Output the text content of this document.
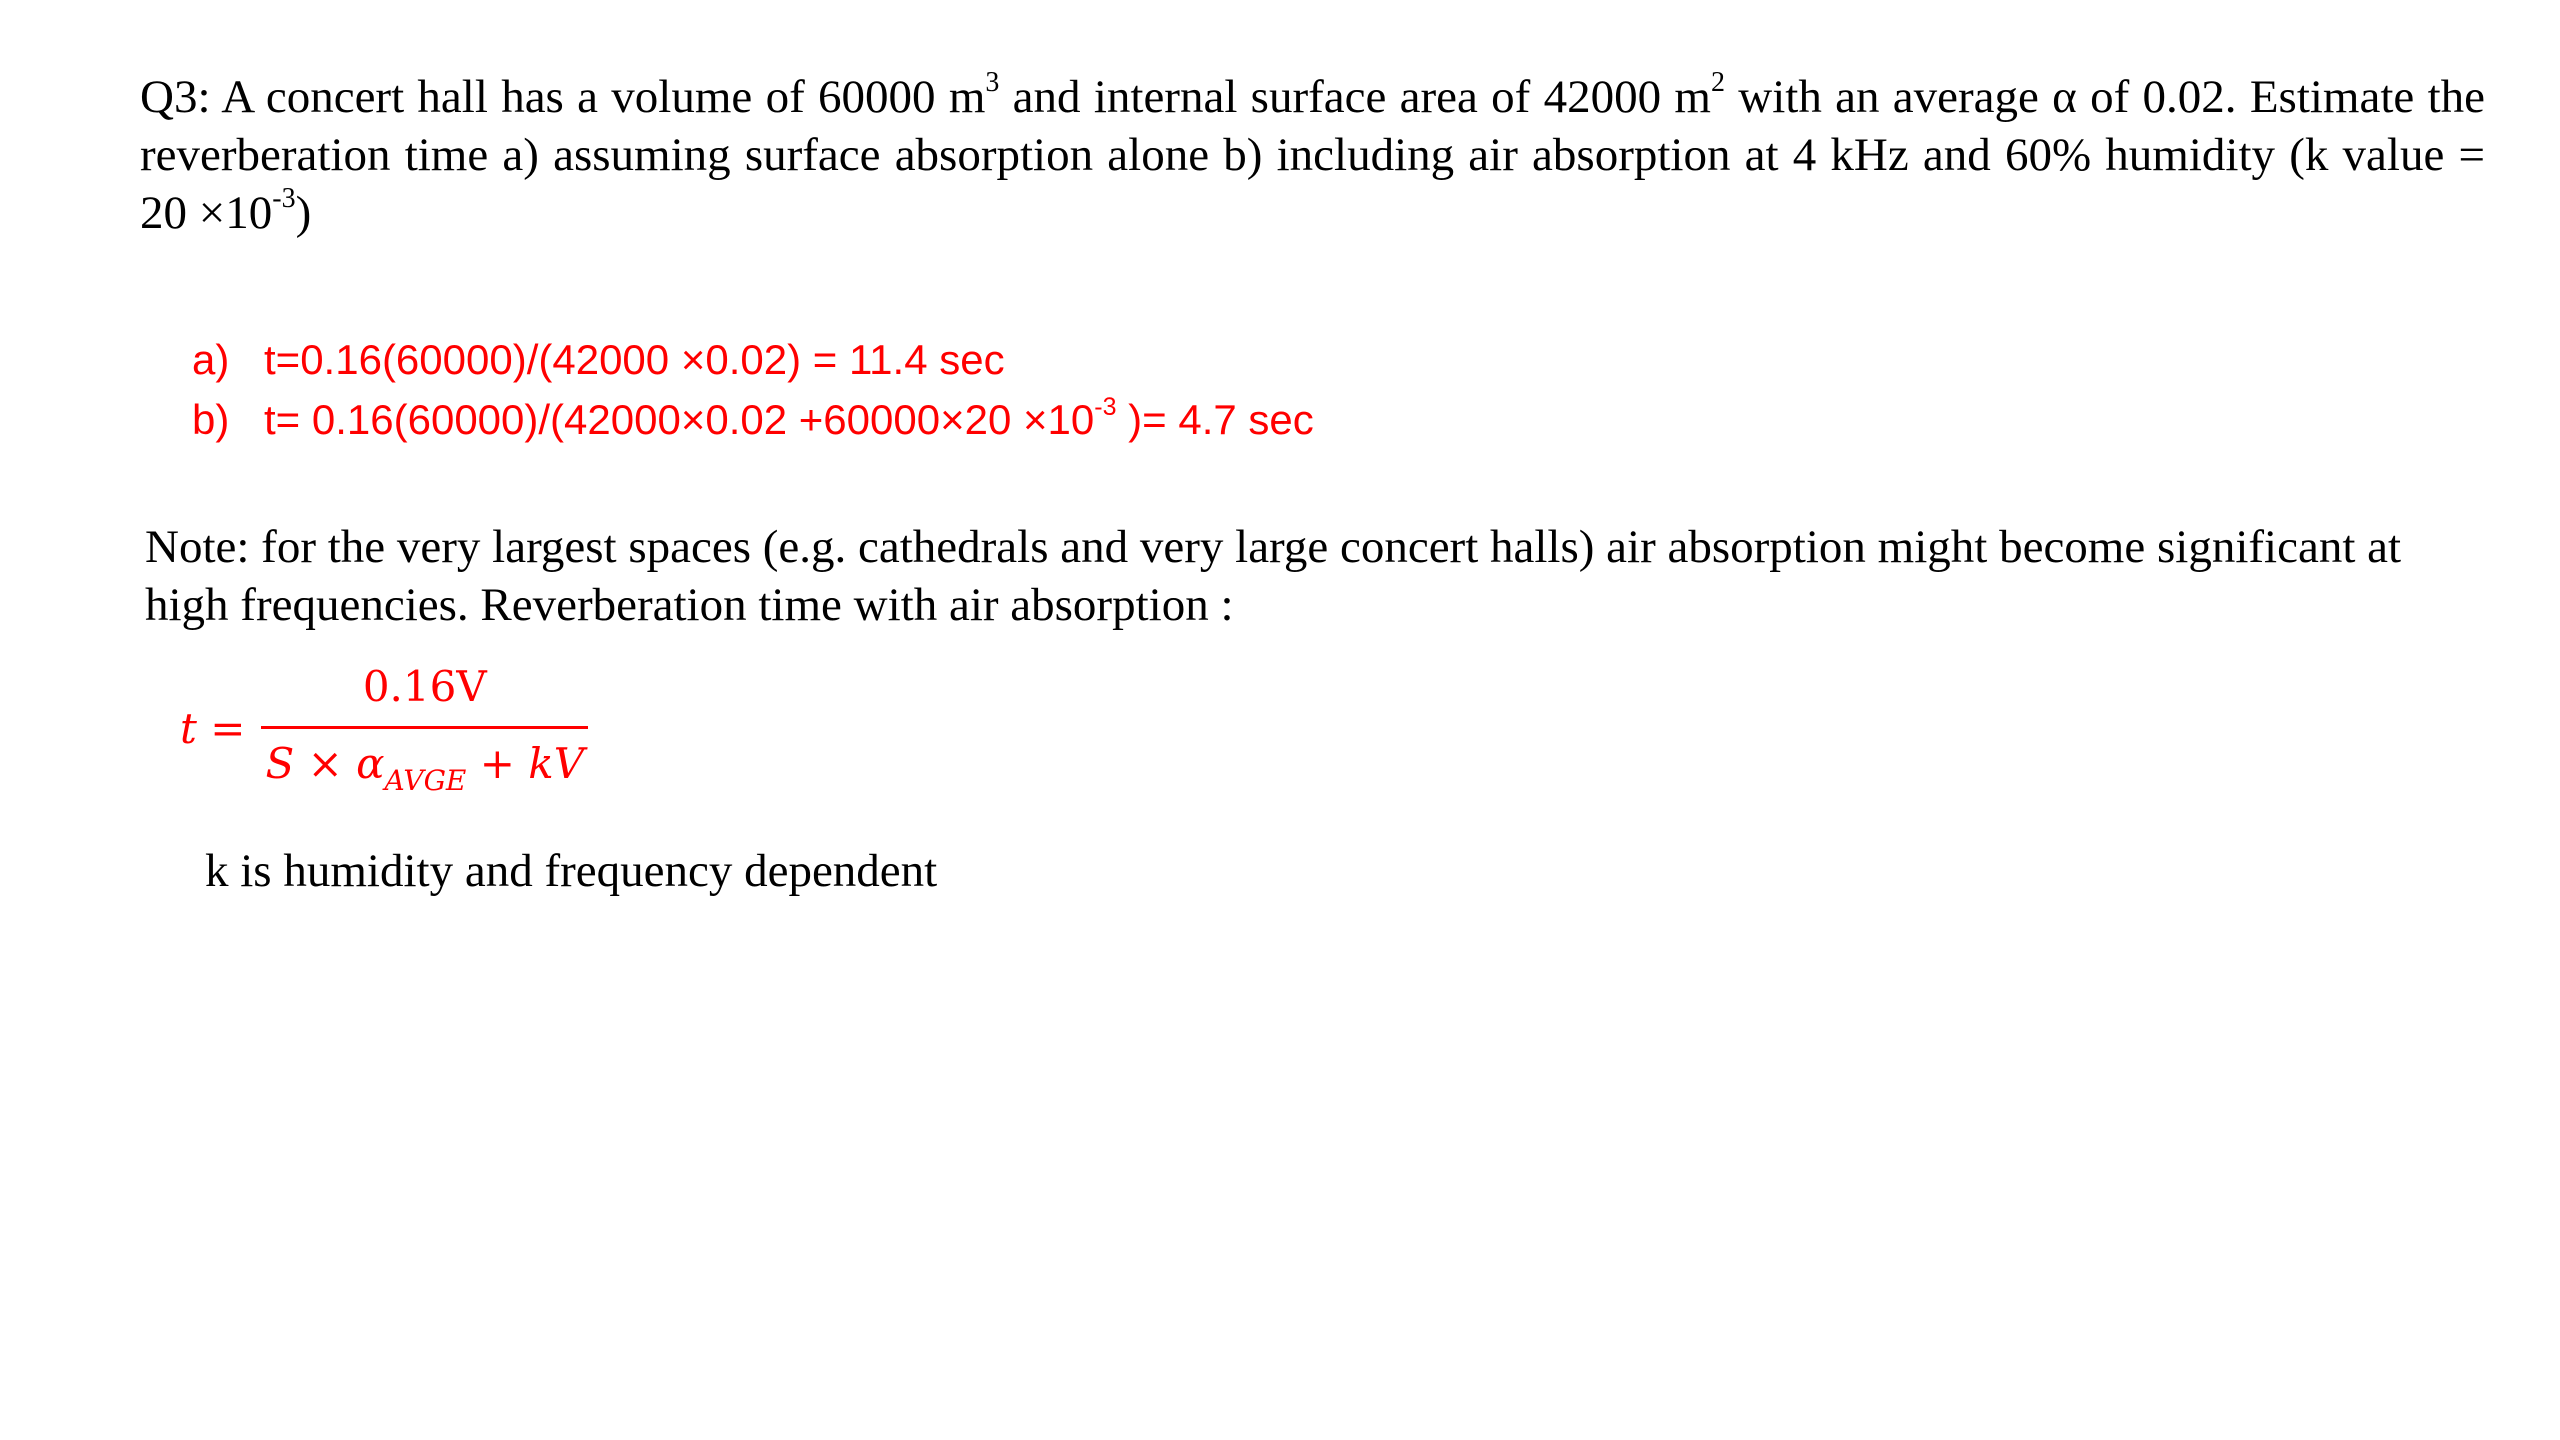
Q3: A concert hall has a volume of 60000 $m^3$ and internal surface area of 42000 $m^2$ with an average α of 0.02. Estimate the reverberation time a) assuming surface absorption alone b) including air absorption at 4 kHz and 60% humidity (k value = $20 \times 10^{-3}$)
a) t=0.16(60000)/(42000 ×0.02) = 11.4 sec
b) $t= 0.16(60000)/(42000\times 0.02 +60000\times 20 \times 10^{-3}$ )= 4.7 sec
Note: for the very largest spaces (e.g. cathedrals and very large concert halls) air absorption might become significant at high frequencies. Reverberation time with air absorption :
$t = \frac{0.16V}{S \times \alpha_{AVGE} + kV}$
k is humidity and frequency dependent
